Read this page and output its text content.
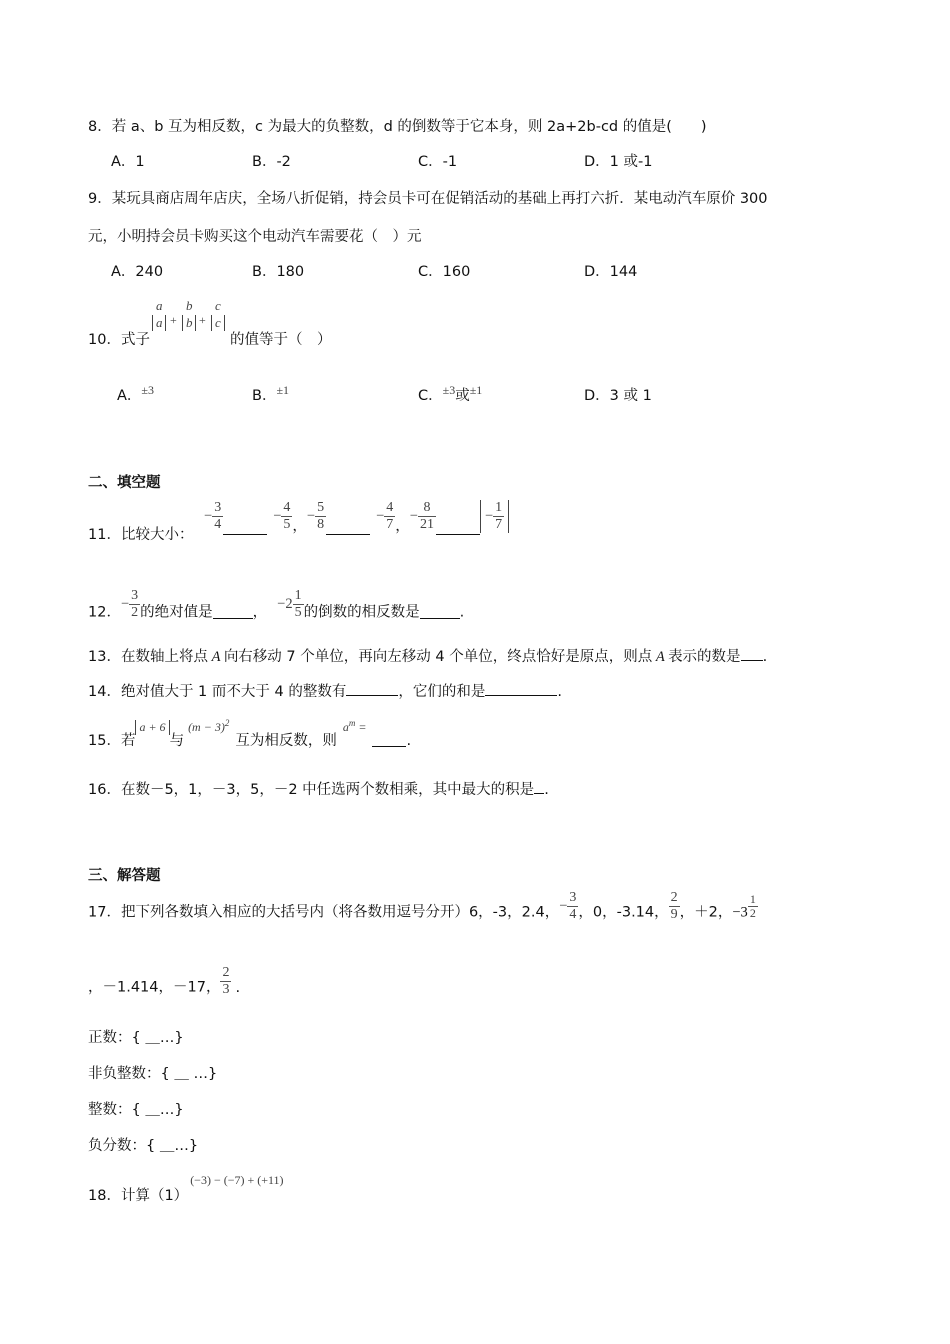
8．若 a、b 互为相反数，c 为最大的负整数，d 的倒数等于它本身，则 2a+2b-cd 的值是(　　)
A．1	B．-2	C．-1	D．1 或-1
9．某玩具商店周年店庆，全场八折促销，持会员卡可在促销活动的基础上再打六折．某电动汽车原价 300
元，小明持会员卡购买这个电动汽车需要花（　）元
A．240	B．180	C．160	D．144
10．式子
a
a +
b
b +
c
c
的值等于（　）
A．$^{\pm 3}$	B．$^{\pm 1}$	C．$^{\pm 3}$或$^{\pm 1}$	D．3 或 1
二、填空题
11．比较大小：
− $\frac{3}{4}$	− $\frac{4}{5}$ ，− $\frac{5}{8}$	− $\frac{4}{7}$ ，− $\frac{8}{21}$	− $\frac{1}{7}$
12．− $\frac{3}{2}$ 的绝对值是	，$-2 \frac{1}{5}$ 的倒数的相反数是	.
13．在数轴上将点 A 向右移动 7 个单位，再向左移动 4 个单位，终点恰好是原点，则点 A 表示的数是 .
14．绝对值大于 1 而不大于 4 的整数有	，它们的和是	.
15．若a + 6与$(m - 3)^2$互为相反数，则$a^m$ =.
16．在数－5，1，－3，5，－2 中任选两个数相乘，其中最大的积是 .
三、解答题
17．把下列各数填入相应的大括号内（将各数用逗号分开）6，-3，2.4，− $\frac{3}{4}$ ，0，-3.14， $\frac{2}{9}$ ，＋2，$-3 \frac{1}{2}$
，－1.414，－17， $\frac{2}{3}$ .
正数：{ ＿…}
非负整数：{ ＿ …}
整数：{ ＿…}
负分数：{ ＿…}
18．计算（1）(−3) − (−7) + (+11)
